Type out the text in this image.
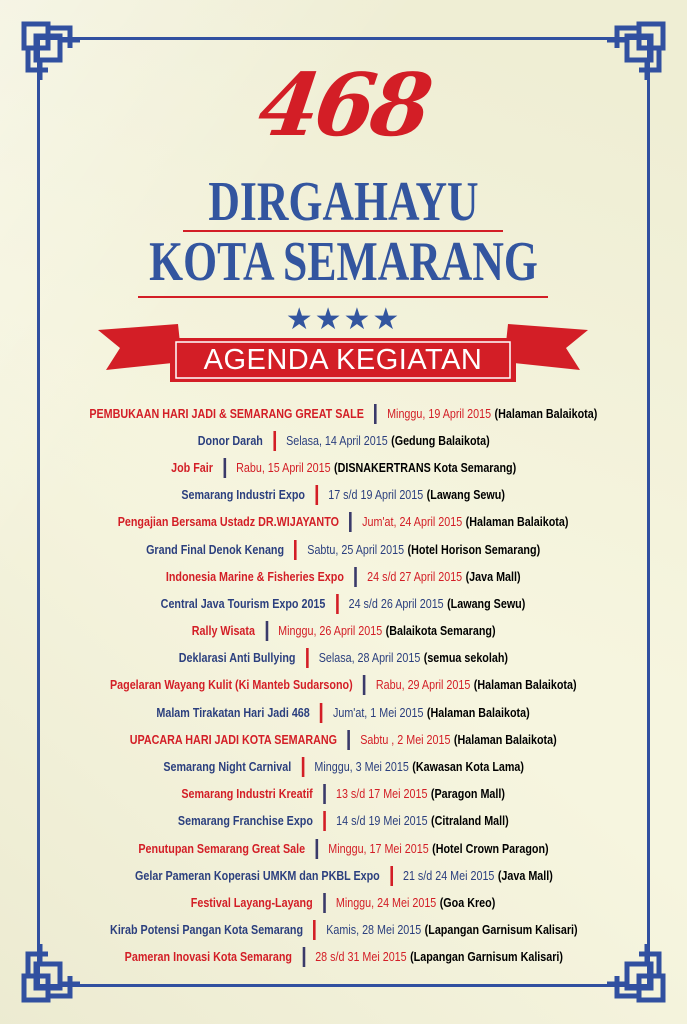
468
DIRGAHAYU
KOTA SEMARANG
★★★★
AGENDA KEGIATAN
PEMBUKAAN HARI JADI & SEMARANG GREAT SALE Minggu, 19 April 2015 (Halaman Balaikota)
Donor Darah Selasa, 14 April 2015 (Gedung Balaikota)
Job Fair Rabu, 15 April 2015 (DISNAKERTRANS Kota Semarang)
Semarang Industri Expo 17 s/d 19 April 2015 (Lawang Sewu)
Pengajian Bersama Ustadz DR.WIJAYANTO Jum'at, 24 April 2015 (Halaman Balaikota)
Grand Final Denok Kenang Sabtu, 25 April 2015 (Hotel Horison Semarang)
Indonesia Marine & Fisheries Expo 24 s/d 27 April 2015 (Java Mall)
Central Java Tourism Expo 2015 24 s/d 26 April 2015 (Lawang Sewu)
Rally Wisata Minggu, 26 April 2015 (Balaikota Semarang)
Deklarasi Anti Bullying Selasa, 28 April 2015 (semua sekolah)
Pagelaran Wayang Kulit (Ki Manteb Sudarsono) Rabu, 29 April 2015 (Halaman Balaikota)
Malam Tirakatan Hari Jadi 468 Jum'at, 1 Mei 2015 (Halaman Balaikota)
UPACARA HARI JADI KOTA SEMARANG Sabtu , 2 Mei 2015 (Halaman Balaikota)
Semarang Night Carnival Minggu, 3 Mei 2015 (Kawasan Kota Lama)
Semarang Industri Kreatif 13 s/d 17 Mei 2015 (Paragon Mall)
Semarang Franchise Expo 14 s/d 19 Mei 2015 (Citraland Mall)
Penutupan Semarang Great Sale Minggu, 17 Mei 2015 (Hotel Crown Paragon)
Gelar Pameran Koperasi UMKM dan PKBL Expo 21 s/d 24 Mei 2015 (Java Mall)
Festival Layang-Layang Minggu, 24 Mei 2015 (Goa Kreo)
Kirab Potensi Pangan Kota Semarang Kamis, 28 Mei 2015 (Lapangan Garnisum Kalisari)
Pameran Inovasi Kota Semarang 28 s/d 31 Mei 2015 (Lapangan Garnisum Kalisari)
